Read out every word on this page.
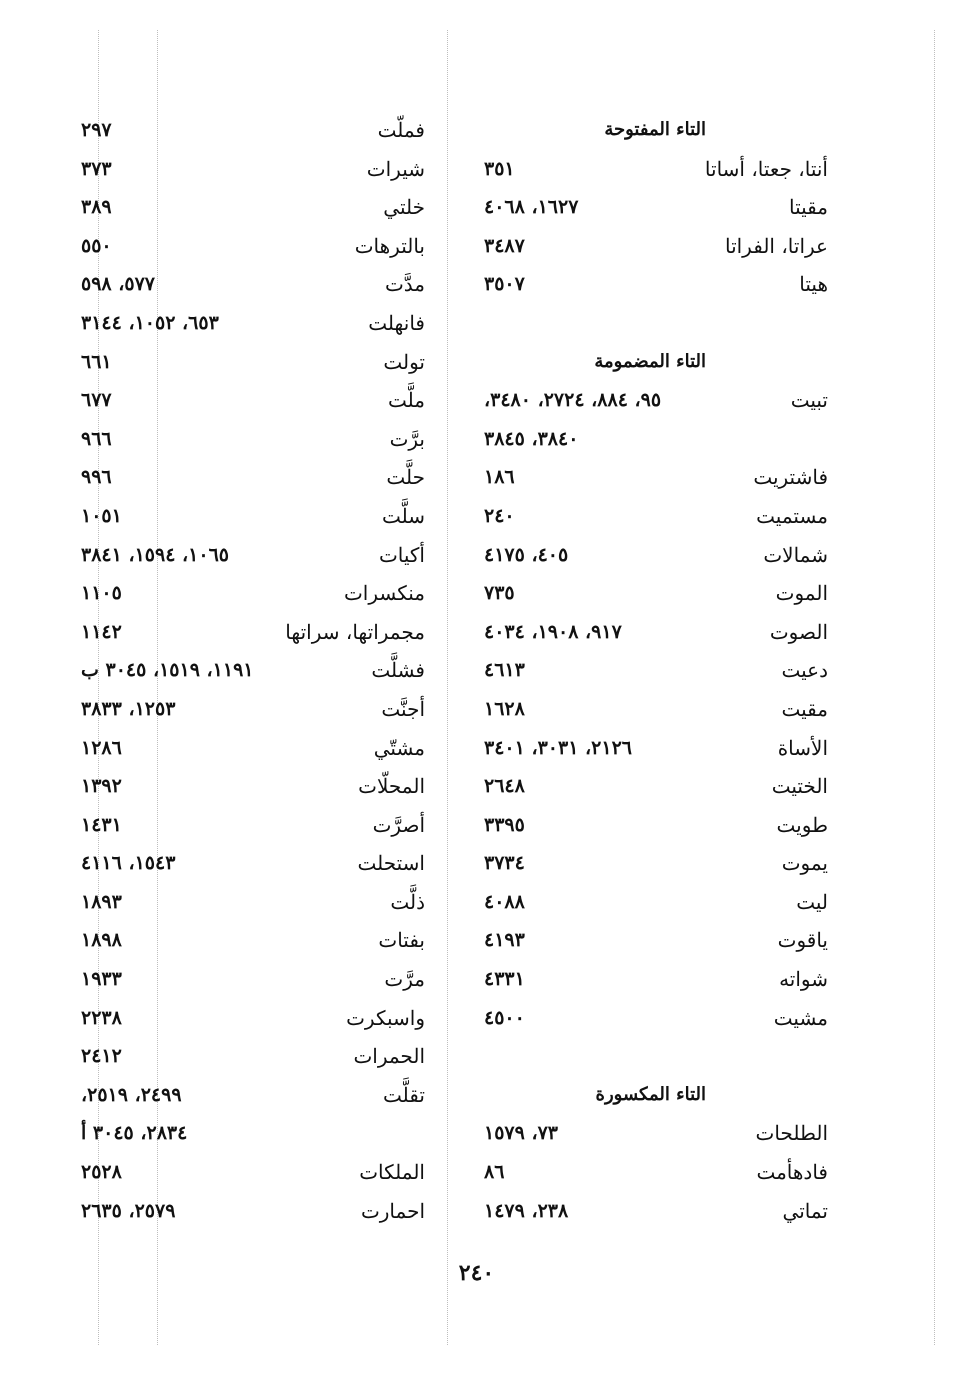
التاء المفتوحة
أنتا، جعتا، أساتا
٣٥١
مقيتا
١٦٢٧، ٤٠٦٨
عراتا، الفراتا
٣٤٨٧
هيتا
٣٥٠٧
التاء المضمومة
تبيت
٩٥، ٨٨٤، ٢٧٢٤، ٣٤٨٠،
٣٨٤٠، ٣٨٤٥
فاشتريت
١٨٦
مستميت
٢٤٠
شمالات
٤٠٥، ٤١٧٥
الموت
٧٣٥
الصوت
٩١٧، ١٩٠٨، ٤٠٣٤
دعيت
٤٦١٣
مقيت
١٦٢٨
الأساة
٢١٢٦، ٣٠٣١، ٣٤٠١
الختيت
٢٦٤٨
طويت
٣٣٩٥
يموت
٣٧٣٤
ليت
٤٠٨٨
ياقوت
٤١٩٣
شواته
٤٣٣١
مشيت
٤٥٠٠
التاء المكسورة
الطلحات
٧٣، ١٥٧٩
فادهأمت
٨٦
تماتي
٢٣٨، ١٤٧٩
فملّت
٢٩٧
شيرات
٣٧٣
خلتي
٣٨٩
بالترهات
٥٥٠
مدَّت
٥٧٧، ٥٩٨
فانهلت
٦٥٣، ١٠٥٢، ٣١٤٤
تولت
٦٦١
ملَّت
٦٧٧
برَّت
٩٦٦
حلَّت
٩٩٦
سلَّت
١٠٥١
أكيات
١٠٦٥، ١٥٩٤، ٣٨٤١
منكسرات
١١٠٥
مجمراتها، سراتها
١١٤٢
فشلَّت
١١٩١، ١٥١٩، ٣٠٤٥ ب
أجنَّت
١٢٥٣، ٣٨٣٣
مشتّي
١٢٨٦
المحلّات
١٣٩٢
أصرَّت
١٤٣١
استحلت
١٥٤٣، ٤١١٦
ذلَّت
١٨٩٣
بفتات
١٨٩٨
مرَّت
١٩٣٣
واسبكرت
٢٢٣٨
الحمرات
٢٤١٢
تقلَّت
٢٤٩٩، ٢٥١٩،
٢٨٣٤، ٣٠٤٥ أ
الملكات
٢٥٢٨
احمارت
٢٥٧٩، ٢٦٣٥
٢٤٠
